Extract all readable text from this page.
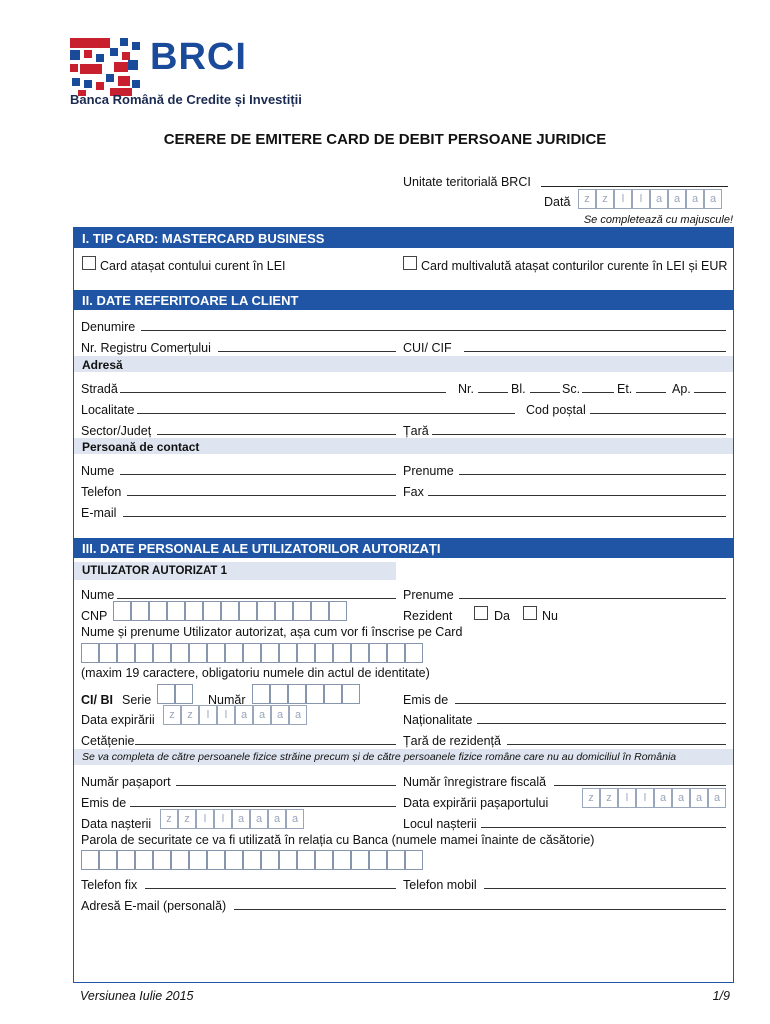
BRCI
Banca Română de Credite și Investiții
CERERE DE EMITERE CARD DE DEBIT PERSOANE JURIDICE
Unitate teritorială BRCI
Dată	z	z	l	l	a	a	a	a
Se completează cu majuscule!
I. TIP CARD: MASTERCARD BUSINESS
Card atașat contului curent în LEI	Card multivalută atașat conturilor curente în LEI și EUR
II. DATE REFERITOARE LA CLIENT
Denumire
Nr. Registru Comerțului	CUI/ CIF
Adresă
Stradă	Nr.	Bl.	Sc.	Et.	Ap.
Localitate	Cod poștal
Sector/Județ	Țară
Persoană de contact
Nume	Prenume
Telefon	Fax
E-mail
III. DATE PERSONALE ALE UTILIZATORILOR AUTORIZAȚI
UTILIZATOR AUTORIZAT 1
Nume	Prenume
CNP	Rezident	Da	Nu
Nume și prenume Utilizator autorizat, așa cum vor fi înscrise pe Card
(maxim 19 caractere, obligatoriu numele din actul de identitate)
CI/ BI Serie	Număr	Emis de
Data expirării	z	z	l	l	a	a	a	a	Naționalitate
Cetățenie	Țară de rezidență
Se va completa de către persoanele fizice străine precum și de către persoanele fizice române care nu au domiciliul în România
Număr pașaport	Număr înregistrare fiscală
Emis de	Data expirării pașaportului	z	z	l	l	a	a	a	a
Data nașterii	z	z	l	l	a	a	a	a	Locul nașterii
Parola de securitate ce va fi utilizată în relația cu Banca (numele mamei înainte de căsătorie)
Telefon fix	Telefon mobil
Adresă E-mail (personală)
Versiunea Iulie 2015	1/9
